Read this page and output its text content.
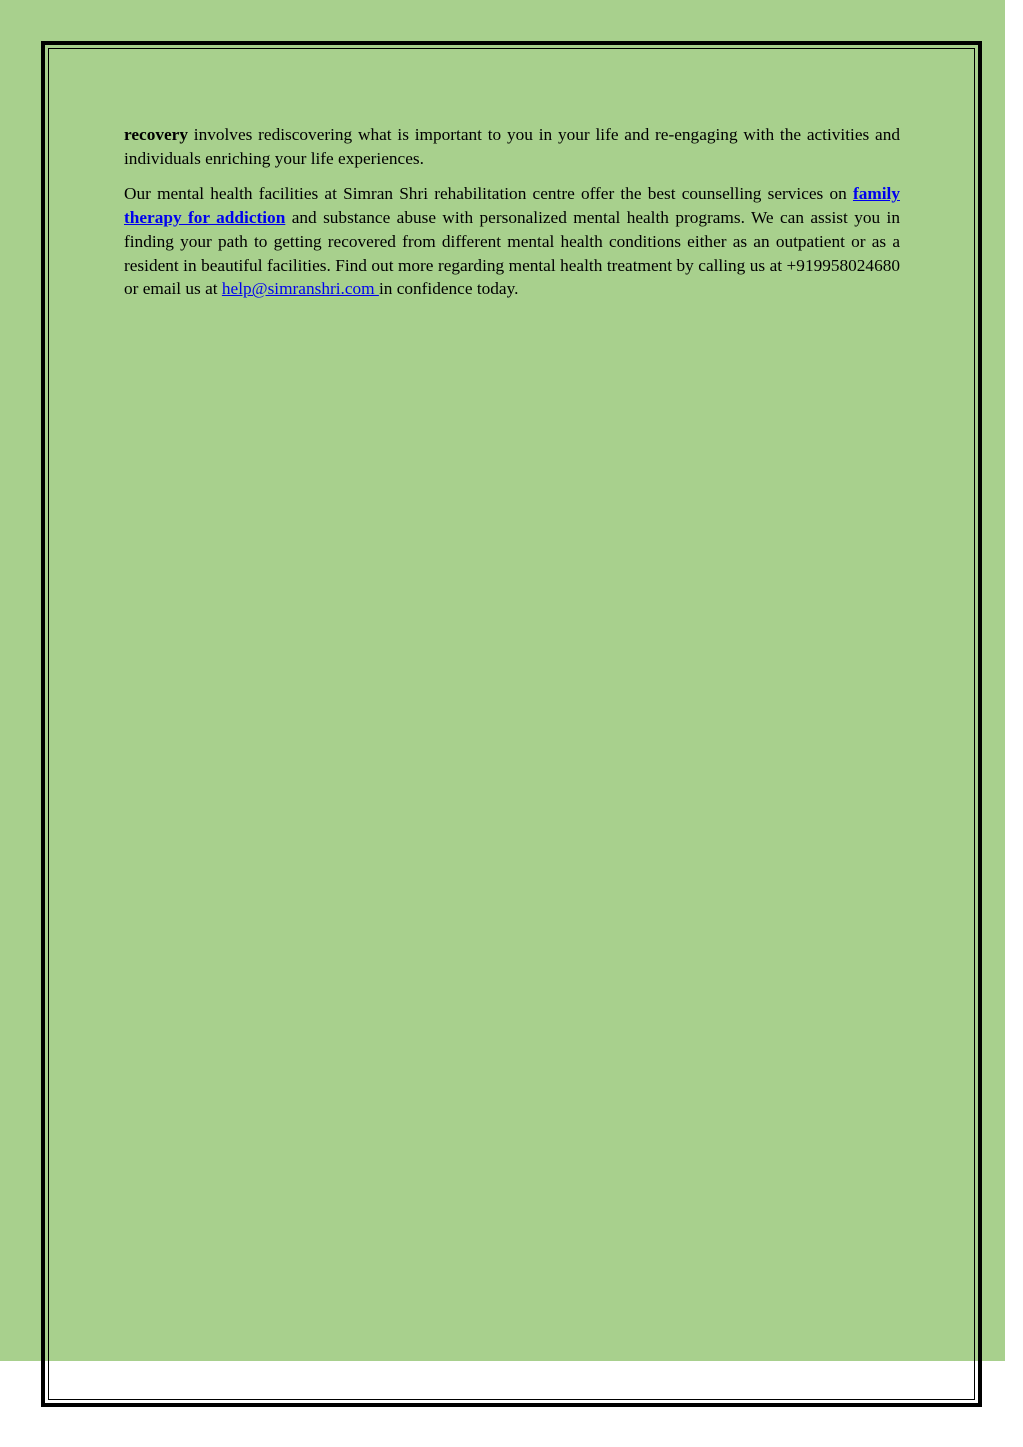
recovery involves rediscovering what is important to you in your life and re-engaging with the activities and individuals enriching your life experiences.

Our mental health facilities at Simran Shri rehabilitation centre offer the best counselling services on family therapy for addiction and substance abuse with personalized mental health programs. We can assist you in finding your path to getting recovered from different mental health conditions either as an outpatient or as a resident in beautiful facilities. Find out more regarding mental health treatment by calling us at +919958024680 or email us at help@simranshri.com in confidence today.
